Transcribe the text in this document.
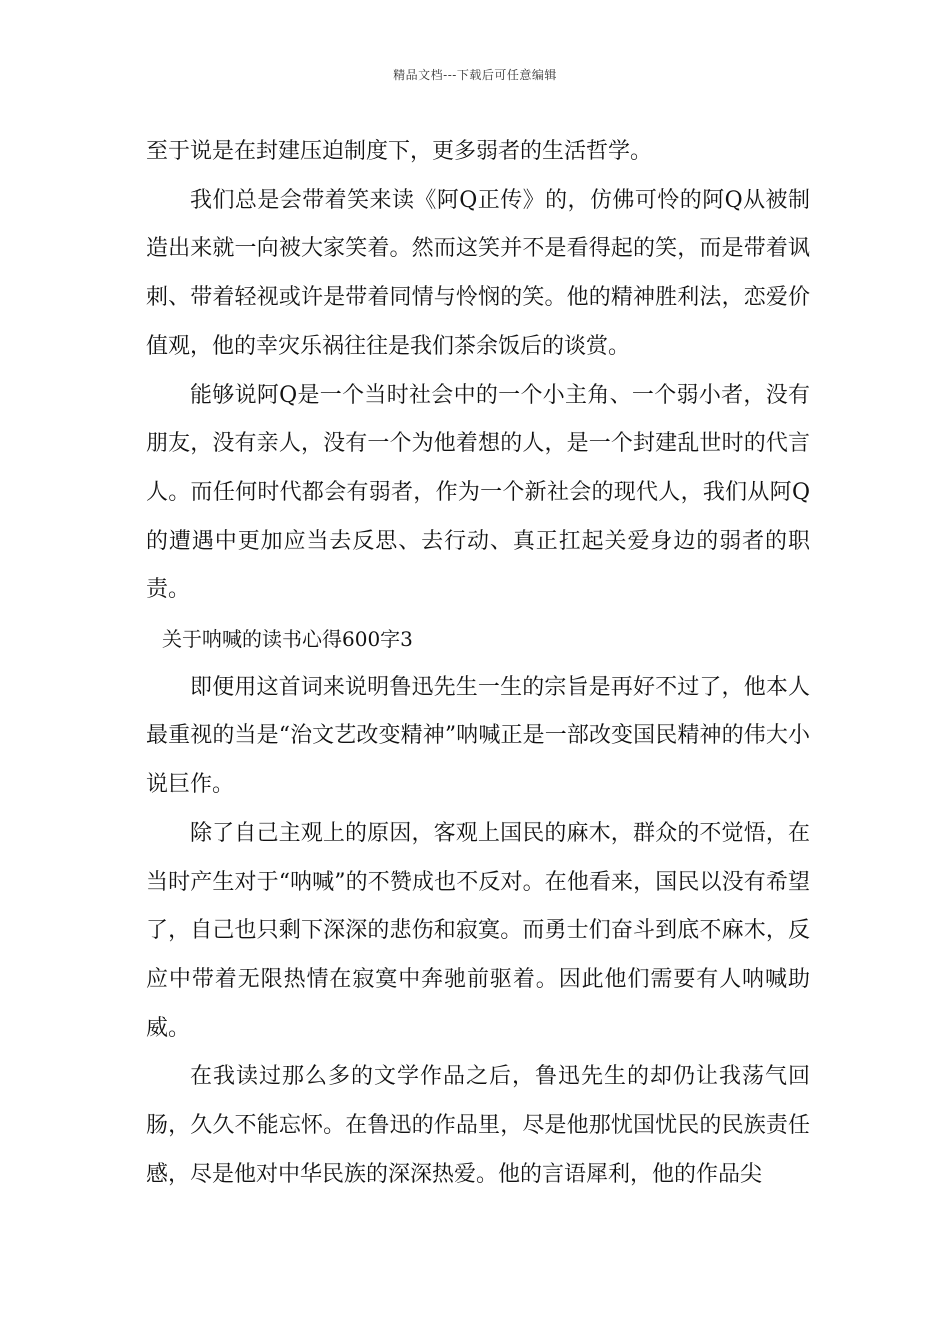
精品文档---下载后可任意编辑

至于说是在封建压迫制度下，更多弱者的生活哲学。

我们总是会带着笑来读《阿Q正传》的，仿佛可怜的阿Q从被制造出来就一向被大家笑着。然而这笑并不是看得起的笑，而是带着讽刺、带着轻视或许是带着同情与怜悯的笑。他的精神胜利法，恋爱价值观，他的幸灾乐祸往往是我们茶余饭后的谈赏。

能够说阿Q是一个当时社会中的一个小主角、一个弱小者，没有朋友，没有亲人，没有一个为他着想的人，是一个封建乱世时的代言人。而任何时代都会有弱者，作为一个新社会的现代人，我们从阿Q的遭遇中更加应当去反思、去行动、真正扛起关爱身边的弱者的职责。

关于呐喊的读书心得600字3

即便用这首词来说明鲁迅先生一生的宗旨是再好不过了，他本人最重视的当是“治文艺改变精神”呐喊正是一部改变国民精神的伟大小说巨作。

除了自己主观上的原因，客观上国民的麻木，群众的不觉悟，在当时产生对于“呐喊”的不赞成也不反对。在他看来，国民以没有希望了，自己也只剩下深深的悲伤和寂寞。而勇士们奋斗到底不麻木，反应中带着无限热情在寂寞中奔驰前驱着。因此他们需要有人呐喊助威。

在我读过那么多的文学作品之后，鲁迅先生的却仍让我荡气回肠，久久不能忘怀。在鲁迅的作品里，尽是他那忧国忧民的民族责任感，尽是他对中华民族的深深热爱。他的言语犀利，他的作品尖
